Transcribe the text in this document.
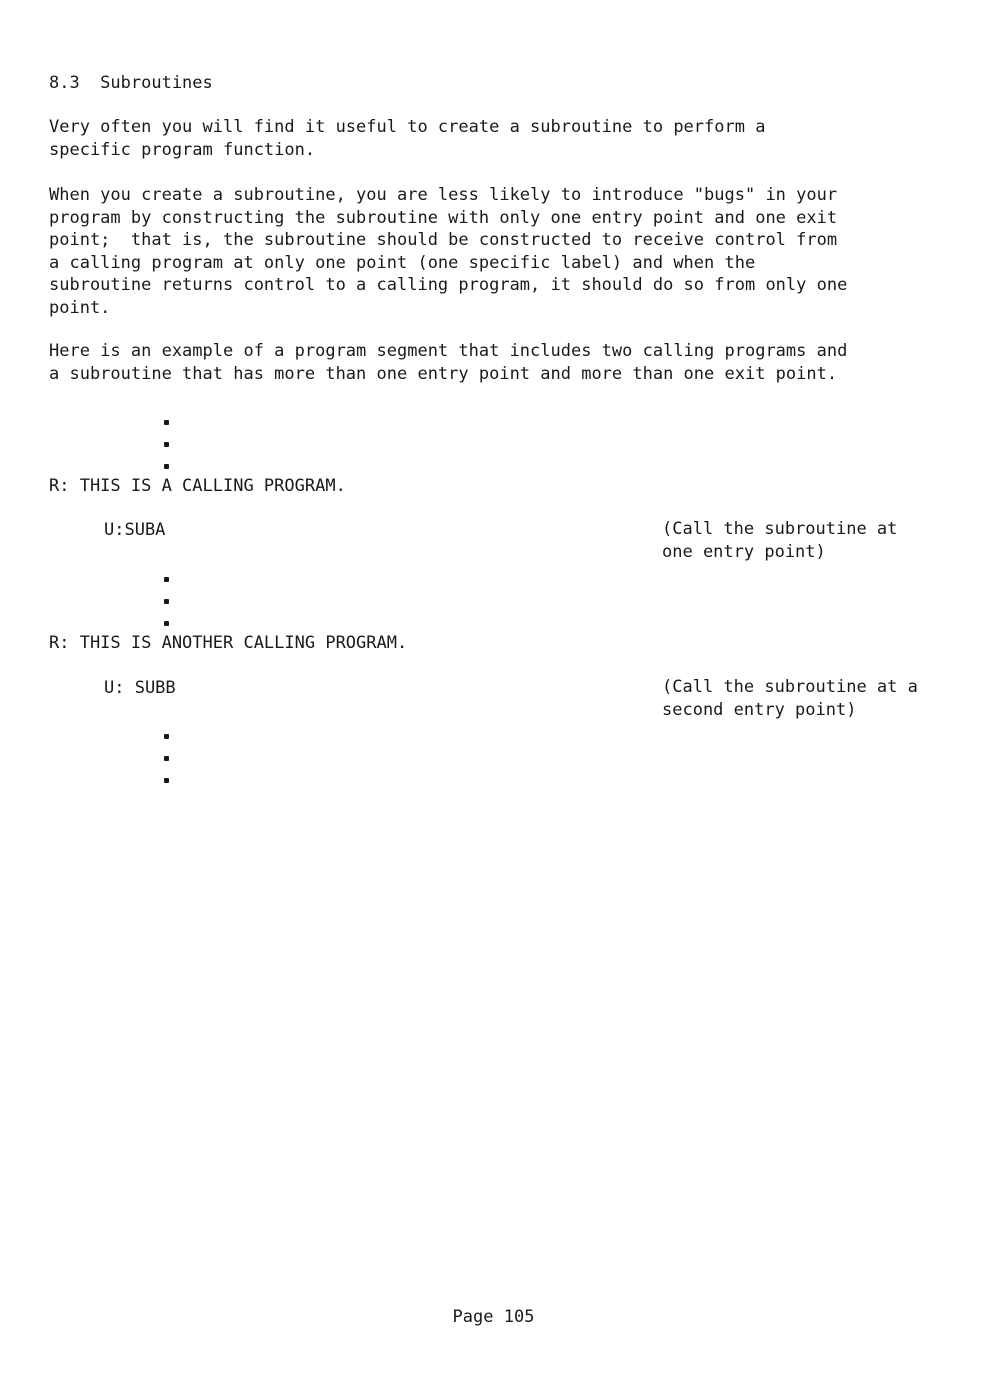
8.3  Subroutines
Very often you will find it useful to create a subroutine to perform a
specific program function.
When you create a subroutine, you are less likely to introduce "bugs" in your
program by constructing the subroutine with only one entry point and one exit
point;  that is, the subroutine should be constructed to receive control from
a calling program at only one point (one specific label) and when the
subroutine returns control to a calling program, it should do so from only one
point.
Here is an example of a program segment that includes two calling programs and
a subroutine that has more than one entry point and more than one exit point.
R: THIS IS A CALLING PROGRAM.
U:SUBA	(Call the subroutine at
one entry point)
R: THIS IS ANOTHER CALLING PROGRAM.
U: SUBB	(Call the subroutine at a
second entry point)
Page 105
